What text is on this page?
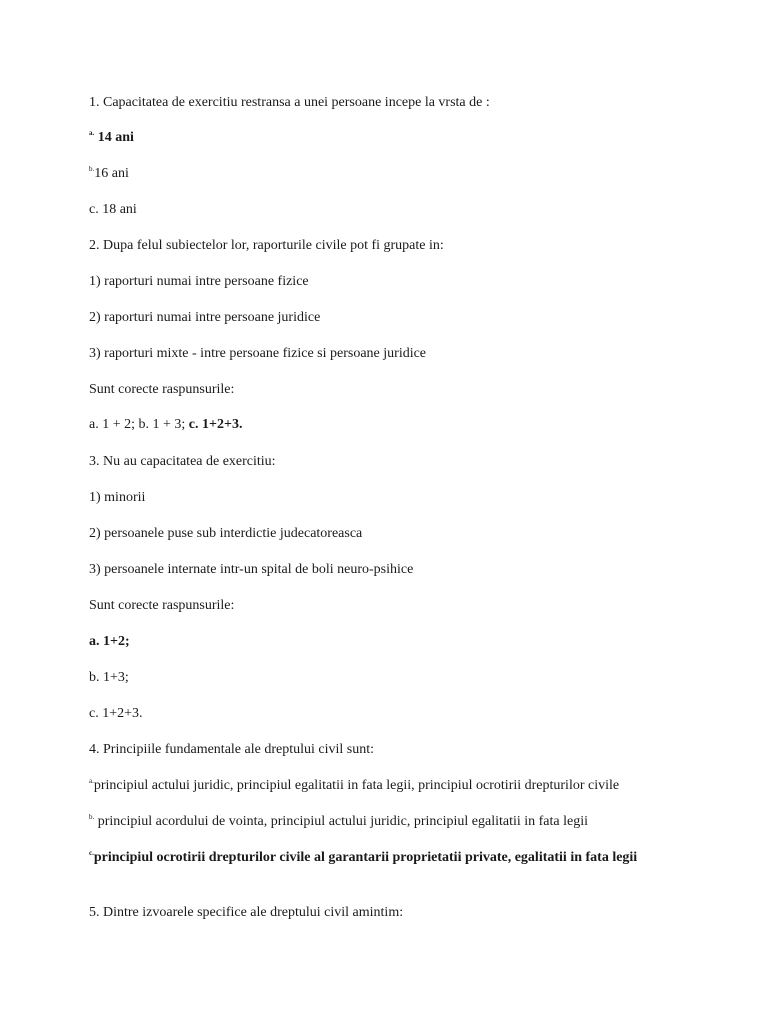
1. Capacitatea de exercitiu restransa a unei persoane incepe la vrsta de :
$^{a.}$ 14 ani
$^{b.}$16 ani
c. 18 ani
2. Dupa felul subiectelor lor, raporturile civile pot fi grupate in:
1) raporturi numai intre persoane fizice
2) raporturi numai intre persoane juridice
3) raporturi mixte - intre persoane fizice si persoane juridice
Sunt corecte raspunsurile:
a. 1 + 2; b. 1 + 3; c. 1+2+3.
3. Nu au capacitatea de exercitiu:
1) minorii
2) persoanele puse sub interdictie judecatoreasca
3) persoanele internate intr-un spital de boli neuro-psihice
Sunt corecte raspunsurile:
a. 1+2;
b. 1+3;
c. 1+2+3.
4. Principiile fundamentale ale dreptului civil sunt:
$^{a.}$principiul actului juridic, principiul egalitatii in fata legii, principiul ocrotirii drepturilor civile
$^{b.}$ principiul acordului de vointa, principiul actului juridic, principiul egalitatii in fata legii
$^{c.}$principiul ocrotirii drepturilor civile al garantarii proprietatii private, egalitatii in fata legii
5. Dintre izvoarele specifice ale dreptului civil amintim:
